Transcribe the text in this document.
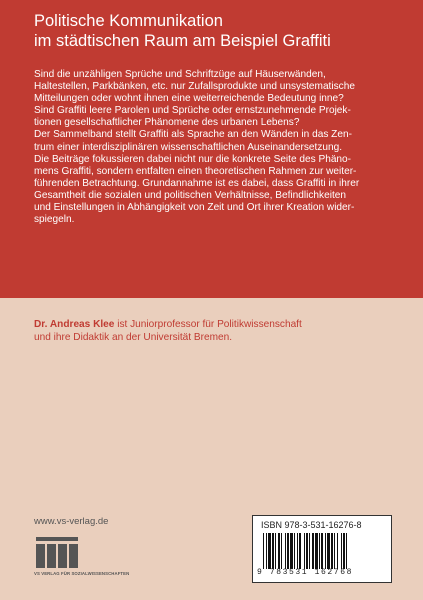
Politische Kommunikation
im städtischen Raum am Beispiel Graffiti
Sind die unzähligen Sprüche und Schriftzüge auf Häuserwänden,
Haltestellen, Parkbänken, etc. nur Zufallsprodukte und unsystematische
Mitteilungen oder wohnt ihnen eine weiterreichende Bedeutung inne?
Sind Graffiti leere Parolen und Sprüche oder ernstzunehmende Projek-
tionen gesellschaftlicher Phänomene des urbanen Lebens?
Der Sammelband stellt Graffiti als Sprache an den Wänden in das Zen-
trum einer interdisziplinären wissenschaftlichen Auseinandersetzung.
Die Beiträge fokussieren dabei nicht nur die konkrete Seite des Phäno-
mens Graffiti, sondern entfalten einen theoretischen Rahmen zur weiter-
führenden Betrachtung. Grundannahme ist es dabei, dass Graffiti in ihrer
Gesamtheit die sozialen und politischen Verhältnisse, Befindlichkeiten
und Einstellungen in Abhängigkeit von Zeit und Ort ihrer Kreation wider-
spiegeln.
Dr. Andreas Klee ist Juniorprofessor für Politikwissenschaft
und ihre Didaktik an der Universität Bremen.
www.vs-verlag.de
VS VERLAG FÜR SOZIALWISSENSCHAFTEN
ISBN 978-3-531-16276-8
9 783531 162768
